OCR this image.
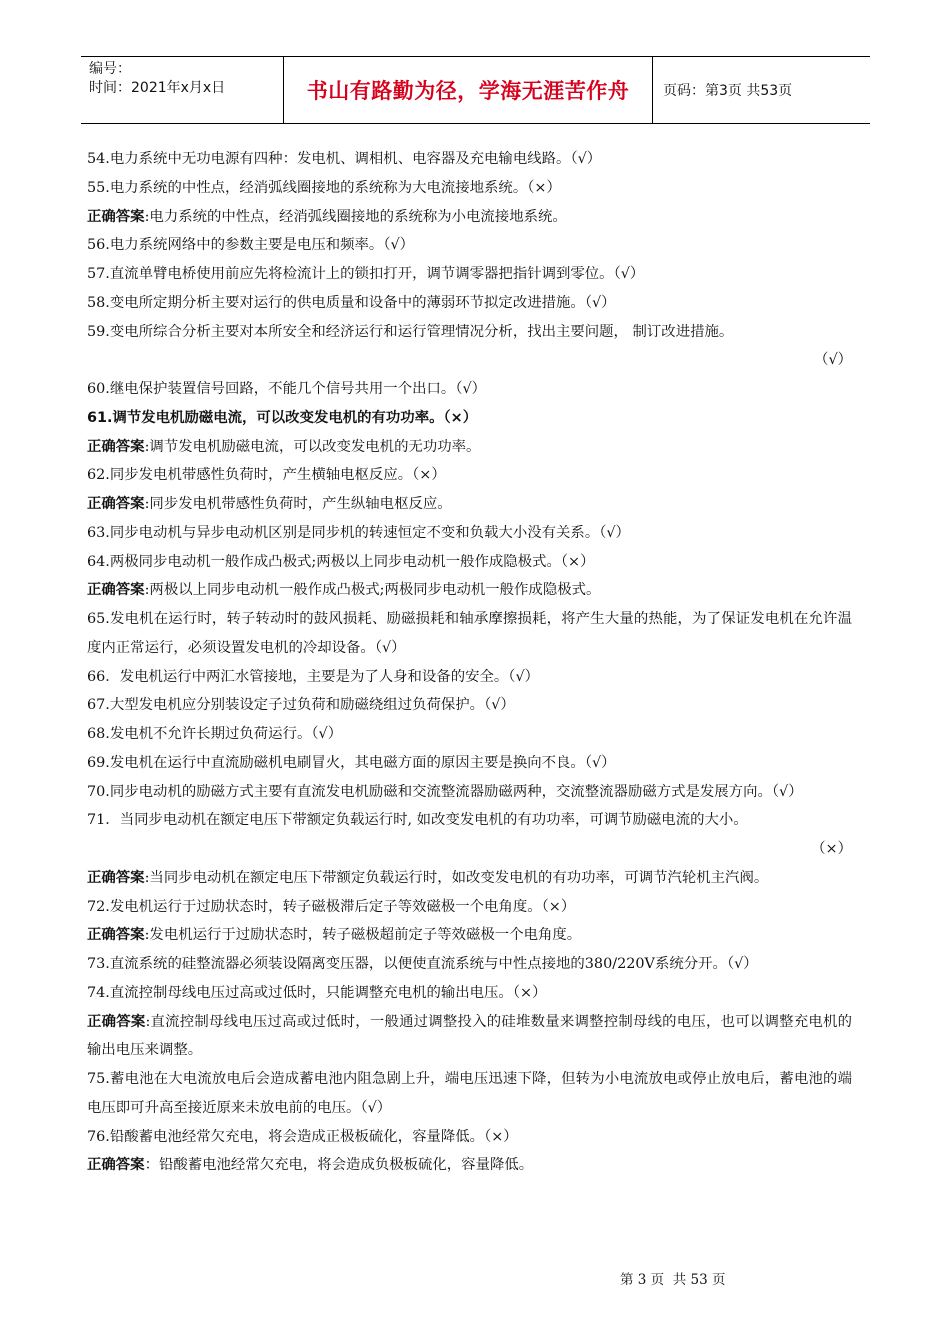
编号：
时间：2021年x月x日	书山有路勤为径，学海无涯苦作舟 页码：第3页 共53页
54.电力系统中无功电源有四种：发电机、调相机、电容器及充电输电线路。（√）
55.电力系统的中性点，经消弧线圈接地的系统称为大电流接地系统。（×）
正确答案:电力系统的中性点，经消弧线圈接地的系统称为小电流接地系统。
56.电力系统网络中的参数主要是电压和频率。（√）
57.直流单臂电桥使用前应先将检流计上的锁扣打开，调节调零器把指针调到零位。（√）
58.变电所定期分析主要对运行的供电质量和设备中的薄弱环节拟定改进措施。（√）
59.变电所综合分析主要对本所安全和经济运行和运行管理情况分析，找出主要问题， 制订改进措施。
（√）
60.继电保护装置信号回路，不能几个信号共用一个出口。（√）
61.调节发电机励磁电流，可以改变发电机的有功功率。（×）
正确答案:调节发电机励磁电流，可以改变发电机的无功功率。
62.同步发电机带感性负荷时，产生横轴电枢反应。（×）
正确答案:同步发电机带感性负荷时，产生纵轴电枢反应。
63.同步电动机与异步电动机区别是同步机的转速恒定不变和负载大小没有关系。（√）
64.两极同步电动机一般作成凸极式;两极以上同步电动机一般作成隐极式。（×）
正确答案:两极以上同步电动机一般作成凸极式;两极同步电动机一般作成隐极式。
65.发电机在运行时，转子转动时的鼓风损耗、励磁损耗和轴承摩擦损耗，将产生大量的热能，为了保证发电机在允许温度内正常运行，必须设置发电机的冷却设备。（√）
66．发电机运行中两汇水管接地，主要是为了人身和设备的安全。（√）
67.大型发电机应分别装设定子过负荷和励磁绕组过负荷保护。（√）
68.发电机不允许长期过负荷运行。（√）
69.发电机在运行中直流励磁机电刷冒火，其电磁方面的原因主要是换向不良。（√）
70.同步电动机的励磁方式主要有直流发电机励磁和交流整流器励磁两种，交流整流器励磁方式是发展方向。（√）
71．当同步电动机在额定电压下带额定负载运行时, 如改变发电机的有功功率，可调节励磁电流的大小。
（×）
正确答案:当同步电动机在额定电压下带额定负载运行时，如改变发电机的有功功率，可调节汽轮机主汽阀。
72.发电机运行于过励状态时，转子磁极滞后定子等效磁极一个电角度。（×）
正确答案:发电机运行于过励状态时，转子磁极超前定子等效磁极一个电角度。
73.直流系统的硅整流器必须装设隔离变压器，以便使直流系统与中性点接地的380/220V系统分开。（√）
74.直流控制母线电压过高或过低时，只能调整充电机的输出电压。（×）
正确答案:直流控制母线电压过高或过低时，一般通过调整投入的硅堆数量来调整控制母线的电压，也可以调整充电机的输出电压来调整。
75.蓄电池在大电流放电后会造成蓄电池内阻急剧上升，端电压迅速下降，但转为小电流放电或停止放电后，蓄电池的端电压即可升高至接近原来未放电前的电压。（√）
76.铅酸蓄电池经常欠充电，将会造成正极板硫化，容量降低。（×）
正确答案：铅酸蓄电池经常欠充电，将会造成负极板硫化，容量降低。
第 3 页  共 53 页
